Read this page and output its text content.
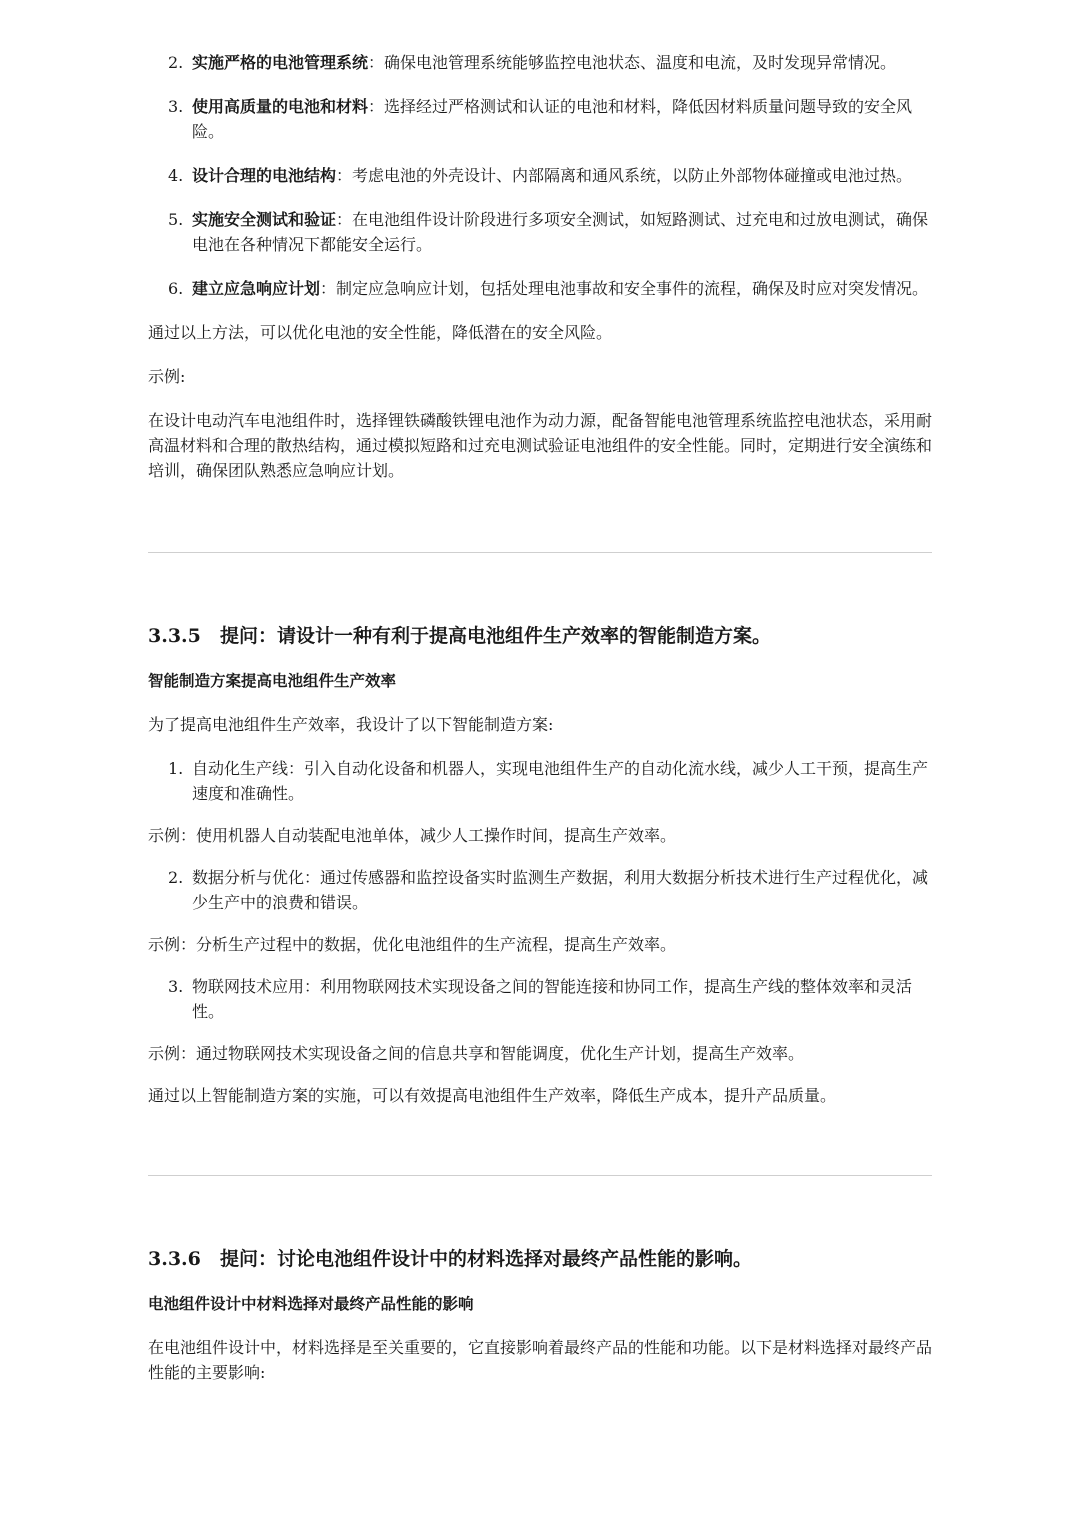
2. 实施严格的电池管理系统：确保电池管理系统能够监控电池状态、温度和电流，及时发现异常情况。
3. 使用高质量的电池和材料：选择经过严格测试和认证的电池和材料，降低因材料质量问题导致的安全风险。
4. 设计合理的电池结构：考虑电池的外壳设计、内部隔离和通风系统，以防止外部物体碰撞或电池过热。
5. 实施安全测试和验证：在电池组件设计阶段进行多项安全测试，如短路测试、过充电和过放电测试，确保电池在各种情况下都能安全运行。
6. 建立应急响应计划：制定应急响应计划，包括处理电池事故和安全事件的流程，确保及时应对突发情况。

通过以上方法，可以优化电池的安全性能，降低潜在的安全风险。

示例:

在设计电动汽车电池组件时，选择锂铁磷酸铁锂电池作为动力源，配备智能电池管理系统监控电池状态，采用耐高温材料和合理的散热结构，通过模拟短路和过充电测试验证电池组件的安全性能。同时，定期进行安全演练和培训，确保团队熟悉应急响应计划。

3.3.5 提问：请设计一种有利于提高电池组件生产效率的智能制造方案。
智能制造方案提高电池组件生产效率

为了提高电池组件生产效率，我设计了以下智能制造方案:

1. 自动化生产线：引入自动化设备和机器人，实现电池组件生产的自动化流水线，减少人工干预，提高生产速度和准确性。

示例：使用机器人自动装配电池单体，减少人工操作时间，提高生产效率。

2. 数据分析与优化：通过传感器和监控设备实时监测生产数据，利用大数据分析技术进行生产过程优化，减少生产中的浪费和错误。

示例：分析生产过程中的数据，优化电池组件的生产流程，提高生产效率。

3. 物联网技术应用：利用物联网技术实现设备之间的智能连接和协同工作，提高生产线的整体效率和灵活性。

示例：通过物联网技术实现设备之间的信息共享和智能调度，优化生产计划，提高生产效率。

通过以上智能制造方案的实施，可以有效提高电池组件生产效率，降低生产成本，提升产品质量。

3.3.6 提问：讨论电池组件设计中的材料选择对最终产品性能的影响。
电池组件设计中材料选择对最终产品性能的影响

在电池组件设计中，材料选择是至关重要的，它直接影响着最终产品的性能和功能。以下是材料选择对最终产品性能的主要影响:
